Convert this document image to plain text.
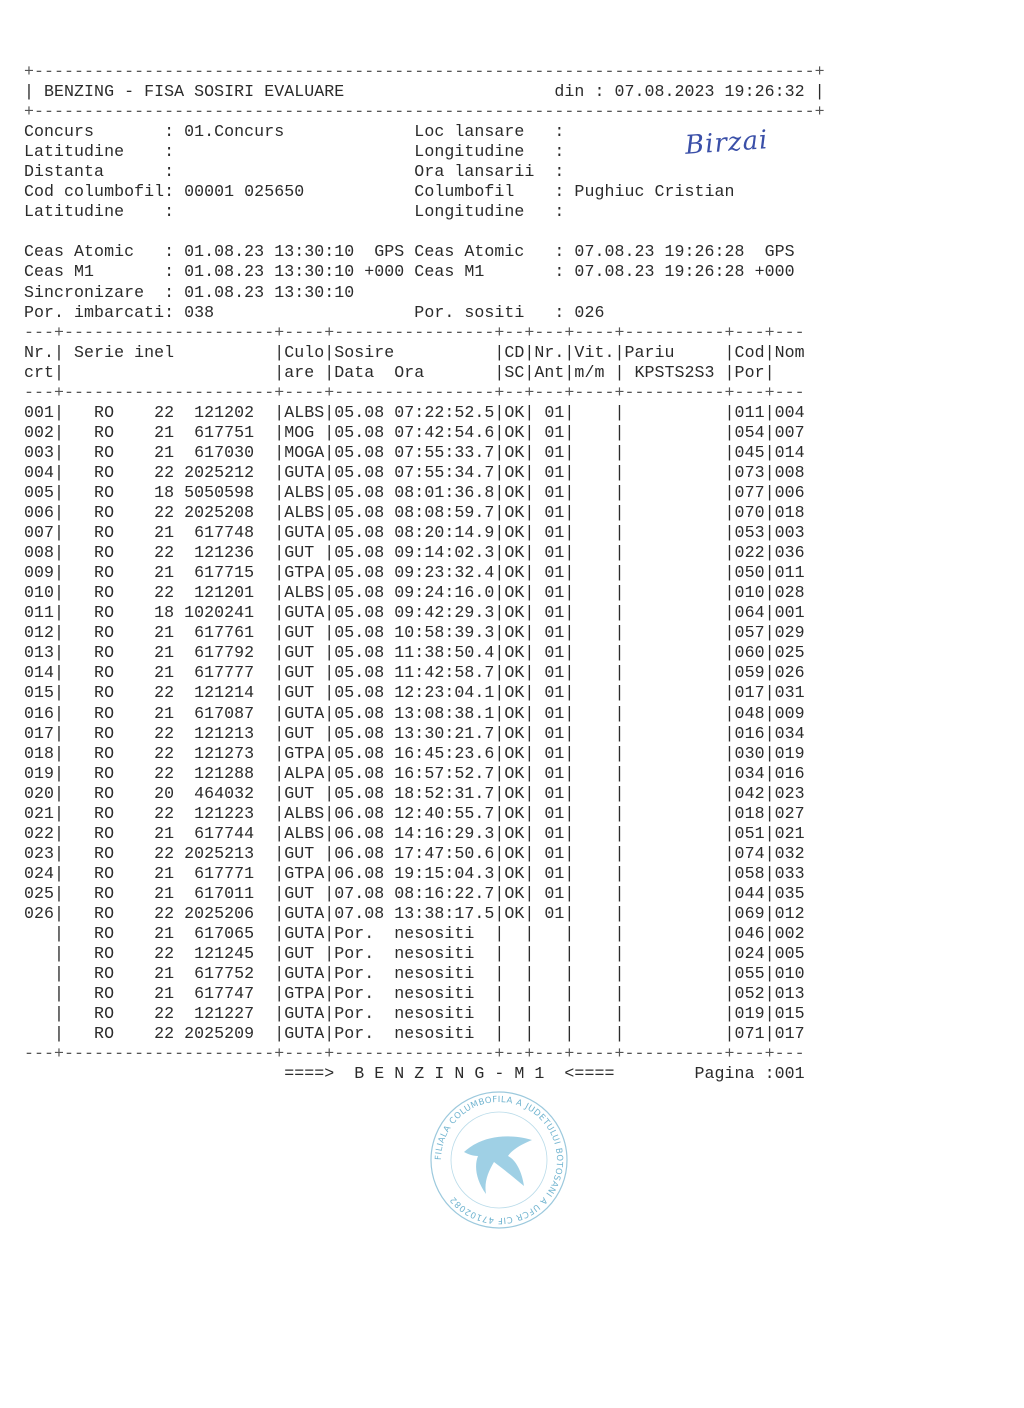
+------------------------------------------------------------------------------+
| BENZING - FISA SOSIRI EVALUARE                     din : 07.08.2023 19:26:32 |
+------------------------------------------------------------------------------+
Concurs       : 01.Concurs             Loc lansare   :
Latitudine    :                        Longitudine   :
Distanta      :                        Ora lansarii  :
Cod columbofil: 00001 025650           Columbofil    : Pughiuc Cristian
Latitudine    :                        Longitudine   :
Ceas Atomic   : 01.08.23 13:30:10  GPS Ceas Atomic   : 07.08.23 19:26:28  GPS
Ceas M1       : 01.08.23 13:30:10 +000 Ceas M1       : 07.08.23 19:26:28 +000
Sincronizare  : 01.08.23 13:30:10
Por. imbarcati: 038                    Por. sositi   : 026
---+---------------------+----+----------------+--+---+----+----------+---+---
Nr.| Serie inel          |Culo|Sosire          |CD|Nr.|Vit.|Pariu     |Cod|Nom
crt|                     |are |Data  Ora       |SC|Ant|m/m | KPSTS2S3 |Por|
---+---------------------+----+----------------+--+---+----+----------+---+---
001|   RO    22  121202  |ALBS|05.08 07:22:52.5|OK| 01|    |          |011|004
002|   RO    21  617751  |MOG |05.08 07:42:54.6|OK| 01|    |          |054|007
003|   RO    21  617030  |MOGA|05.08 07:55:33.7|OK| 01|    |          |045|014
004|   RO    22 2025212  |GUTA|05.08 07:55:34.7|OK| 01|    |          |073|008
005|   RO    18 5050598  |ALBS|05.08 08:01:36.8|OK| 01|    |          |077|006
006|   RO    22 2025208  |ALBS|05.08 08:08:59.7|OK| 01|    |          |070|018
007|   RO    21  617748  |GUTA|05.08 08:20:14.9|OK| 01|    |          |053|003
008|   RO    22  121236  |GUT |05.08 09:14:02.3|OK| 01|    |          |022|036
009|   RO    21  617715  |GTPA|05.08 09:23:32.4|OK| 01|    |          |050|011
010|   RO    22  121201  |ALBS|05.08 09:24:16.0|OK| 01|    |          |010|028
011|   RO    18 1020241  |GUTA|05.08 09:42:29.3|OK| 01|    |          |064|001
012|   RO    21  617761  |GUT |05.08 10:58:39.3|OK| 01|    |          |057|029
013|   RO    21  617792  |GUT |05.08 11:38:50.4|OK| 01|    |          |060|025
014|   RO    21  617777  |GUT |05.08 11:42:58.7|OK| 01|    |          |059|026
015|   RO    22  121214  |GUT |05.08 12:23:04.1|OK| 01|    |          |017|031
016|   RO    21  617087  |GUTA|05.08 13:08:38.1|OK| 01|    |          |048|009
017|   RO    22  121213  |GUT |05.08 13:30:21.7|OK| 01|    |          |016|034
018|   RO    22  121273  |GTPA|05.08 16:45:23.6|OK| 01|    |          |030|019
019|   RO    22  121288  |ALPA|05.08 16:57:52.7|OK| 01|    |          |034|016
020|   RO    20  464032  |GUT |05.08 18:52:31.7|OK| 01|    |          |042|023
021|   RO    22  121223  |ALBS|06.08 12:40:55.7|OK| 01|    |          |018|027
022|   RO    21  617744  |ALBS|06.08 14:16:29.3|OK| 01|    |          |051|021
023|   RO    22 2025213  |GUT |06.08 17:47:50.6|OK| 01|    |          |074|032
024|   RO    21  617771  |GTPA|06.08 19:15:04.3|OK| 01|    |          |058|033
025|   RO    21  617011  |GUT |07.08 08:16:22.7|OK| 01|    |          |044|035
026|   RO    22 2025206  |GUTA|07.08 13:38:17.5|OK| 01|    |          |069|012
|   RO    21  617065  |GUTA|Por.  nesositi  |  |   |    |          |046|002
|   RO    22  121245  |GUT |Por.  nesositi  |  |   |    |          |024|005
|   RO    21  617752  |GUTA|Por.  nesositi  |  |   |    |          |055|010
|   RO    21  617747  |GTPA|Por.  nesositi  |  |   |    |          |052|013
|   RO    22  121227  |GUTA|Por.  nesositi  |  |   |    |          |019|015
|   RO    22 2025209  |GUTA|Por.  nesositi  |  |   |    |          |071|017
---+---------------------+----+----------------+--+---+----+----------+---+---
====>  B E N Z I N G - M 1  <====        Pagina :001
Birzai
FILIALA COLUMBOFILA A JUDETULUI BOTOSANI A UFCR CIF 47102082
